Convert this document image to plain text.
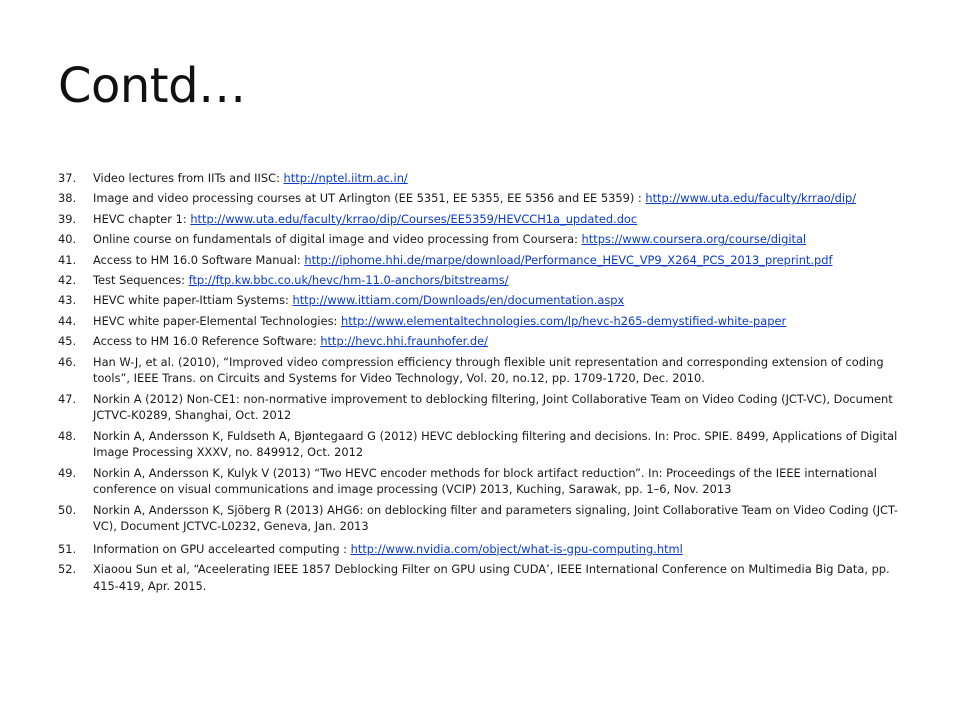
Contd…
37.	Video lectures from IITs and IISC: http://nptel.iitm.ac.in/
38.	Image and video processing courses at UT Arlington (EE 5351, EE 5355, EE 5356 and EE 5359) : http://www.uta.edu/faculty/krrao/dip/
39.	HEVC chapter 1: http://www.uta.edu/faculty/krrao/dip/Courses/EE5359/HEVCCH1a_updated.doc
40.	Online course on fundamentals of digital image and video processing from Coursera: https://www.coursera.org/course/digital
41.	Access to HM 16.0 Software Manual: http://iphome.hhi.de/marpe/download/Performance_HEVC_VP9_X264_PCS_2013_preprint.pdf
42.	Test Sequences: ftp://ftp.kw.bbc.co.uk/hevc/hm-11.0-anchors/bitstreams/
43.	HEVC white paper-Ittiam Systems: http://www.ittiam.com/Downloads/en/documentation.aspx
44.	HEVC white paper-Elemental Technologies: http://www.elementaltechnologies.com/lp/hevc-h265-demystified-white-paper
45.	Access to HM 16.0 Reference Software: http://hevc.hhi.fraunhofer.de/
46.	Han W-J, et al. (2010), “Improved video compression efficiency through flexible unit representation and corresponding extension of coding tools”, IEEE Trans. on Circuits and Systems for Video Technology, Vol. 20, no.12, pp. 1709-1720, Dec. 2010.
47.	Norkin A (2012) Non-CE1: non-normative improvement to deblocking filtering, Joint Collaborative Team on Video Coding (JCT-VC), Document JCTVC-K0289, Shanghai, Oct. 2012
48.	Norkin A, Andersson K, Fuldseth A, Bjøntegaard G (2012) HEVC deblocking filtering and decisions. In: Proc. SPIE. 8499, Applications of Digital Image Processing XXXV, no. 849912, Oct. 2012
49.	Norkin A, Andersson K, Kulyk V (2013) “Two HEVC encoder methods for block artifact reduction”. In: Proceedings of the IEEE international conference on visual communications and image processing (VCIP) 2013, Kuching, Sarawak, pp. 1–6, Nov. 2013
50.	Norkin A, Andersson K, Sjöberg R (2013) AHG6: on deblocking filter and parameters signaling, Joint Collaborative Team on Video Coding (JCT-VC), Document JCTVC-L0232, Geneva, Jan. 2013
51.	Information on GPU accelearted computing : http://www.nvidia.com/object/what-is-gpu-computing.html
52.	Xiaoou Sun et al, “Aceelerating IEEE 1857 Deblocking Filter on GPU using CUDA’, IEEE International Conference on Multimedia Big Data, pp. 415-419, Apr. 2015.
